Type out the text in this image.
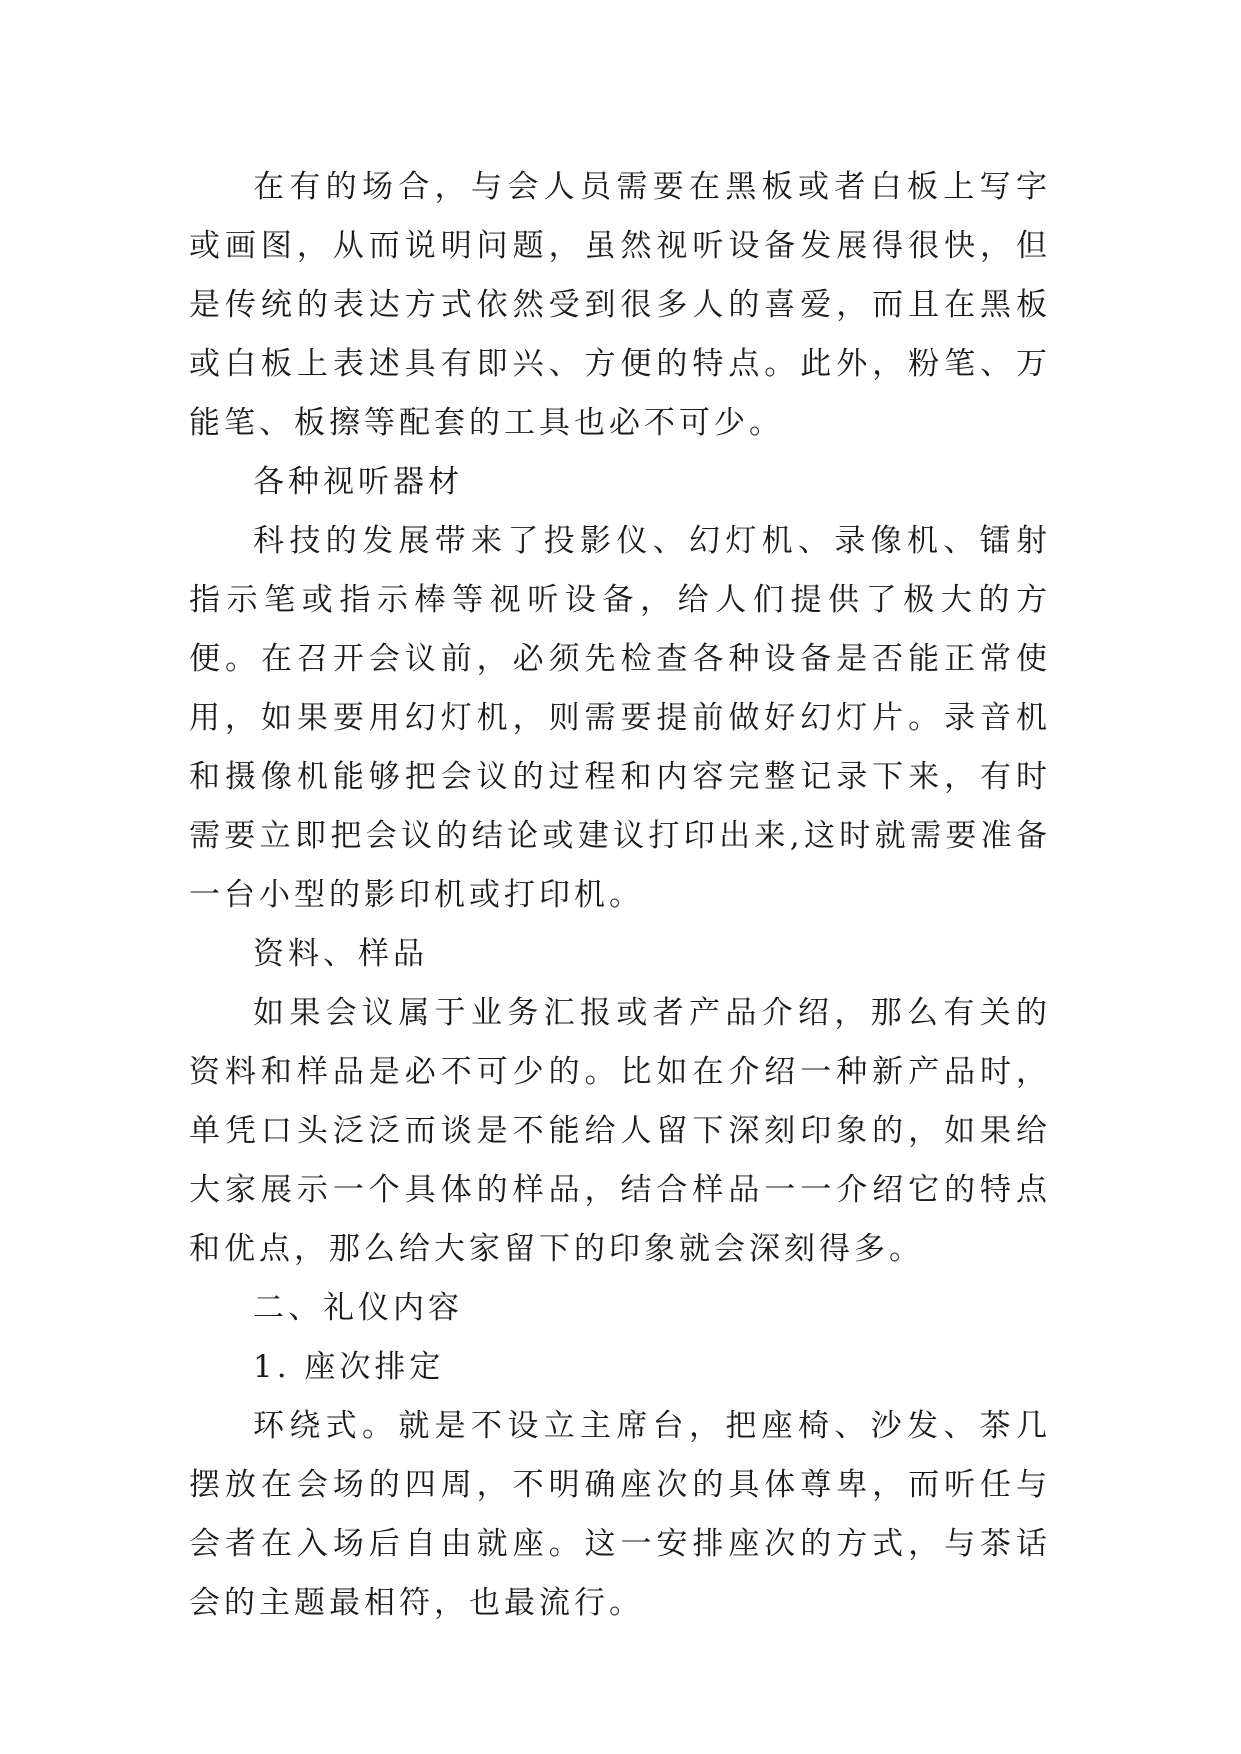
在有的场合，与会人员需要在黑板或者白板上写字或画图，从而说明问题，虽然视听设备发展得很快，但是传统的表达方式依然受到很多人的喜爱，而且在黑板或白板上表述具有即兴、方便的特点。此外，粉笔、万能笔、板擦等配套的工具也必不可少。

各种视听器材

科技的发展带来了投影仪、幻灯机、录像机、镭射指示笔或指示棒等视听设备，给人们提供了极大的方便。在召开会议前，必须先检查各种设备是否能正常使用，如果要用幻灯机，则需要提前做好幻灯片。录音机和摄像机能够把会议的过程和内容完整记录下来，有时需要立即把会议的结论或建议打印出来,这时就需要准备一台小型的影印机或打印机。

资料、样品

如果会议属于业务汇报或者产品介绍，那么有关的资料和样品是必不可少的。比如在介绍一种新产品时，单凭口头泛泛而谈是不能给人留下深刻印象的，如果给大家展示一个具体的样品，结合样品一一介绍它的特点和优点，那么给大家留下的印象就会深刻得多。

二、礼仪内容

1. 座次排定

环绕式。就是不设立主席台，把座椅、沙发、茶几摆放在会场的四周，不明确座次的具体尊卑，而听任与会者在入场后自由就座。这一安排座次的方式，与茶话会的主题最相符，也最流行。
